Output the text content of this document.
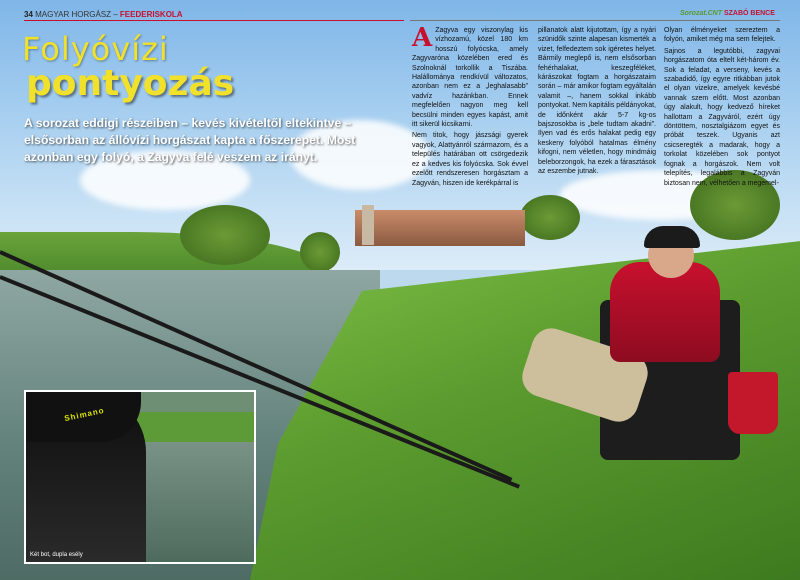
34 MAGYAR HORGÁSZ – FEEDERISKOLA	Sorozat.CNT SZABÓ BENCE
Folyóvízi
pontyozás
A sorozat eddigi részeiben – kevés kivételtől eltekintve – elsősorban az állóvízi horgászat kapta a főszerepet. Most azonban egy folyó, a Zagyva felé veszem az irányt.
Shimano
Két bot, dupla esély

A Zagyva egy viszonylag kis vízhozamú, közel 180 km hosszú folyócska, amely Zagyvaróna közelében ered és Szolnoknál torkollik a Tiszába. Halállománya rendkívül változatos, azonban nem ez a „leghalasabb” vadvíz hazánkban. Ennek megfelelően nagyon meg kell becsülni minden egyes kapást, amit itt sikerül kicsikarni.

Nem titok, hogy jászsági gyerek vagyok, Alattyánról származom, és a település határában ott csörgedezik ez a kedves kis folyócska. Sok évvel ezelőtt rendszeresen horgásztam a Zagyván, hiszen ide kerékpárral is

pillanatok alatt kijutottam, így a nyári szünidők szinte alapesan kismerték a vizet, felfedeztem sok igéretes helyet. Bármily meglepő is, nem elsősorban fehérhalakat, keszegféléket, kárászokat fogtam a horgászataim során – már amikor fogtam egyáltalán valamit –, hanem sokkal inkább pontyokat. Nem kapitális példányokat, de időnként akár 5-7 kg-os bajszosokba is „bele tudtam akadni”. Ilyen vad és erős halakat pedig egy keskeny folyóból hatalmas élmény kifogni, nem véletlen, hogy mindmáig beleborzongok, ha ezek a fárasztások az eszembe jutnak.

Olyan élményeket szereztem a folyón, amiket még ma sem felejtek.

Sajnos a legutóbbi, zagyvai horgászatom óta eltelt két-három év. Sok a feladat, a verseny, kevés a szabadidő, így egyre ritkábban jutok el olyan vizekre, amelyek kevésbé vannak szem előtt. Most azonban úgy alakult, hogy kedvező híreket hallottam a Zagyváról, ezért úgy döntöttem, nosztalgiázom egyet és próbát teszek. Ugyanis azt csicseregték a madarak, hogy a torkolat közelében sok pontyot fognak a horgászok. Nem volt telepítés, legalábbis a Zagyván biztosan nem, vélhetően a megemel-
